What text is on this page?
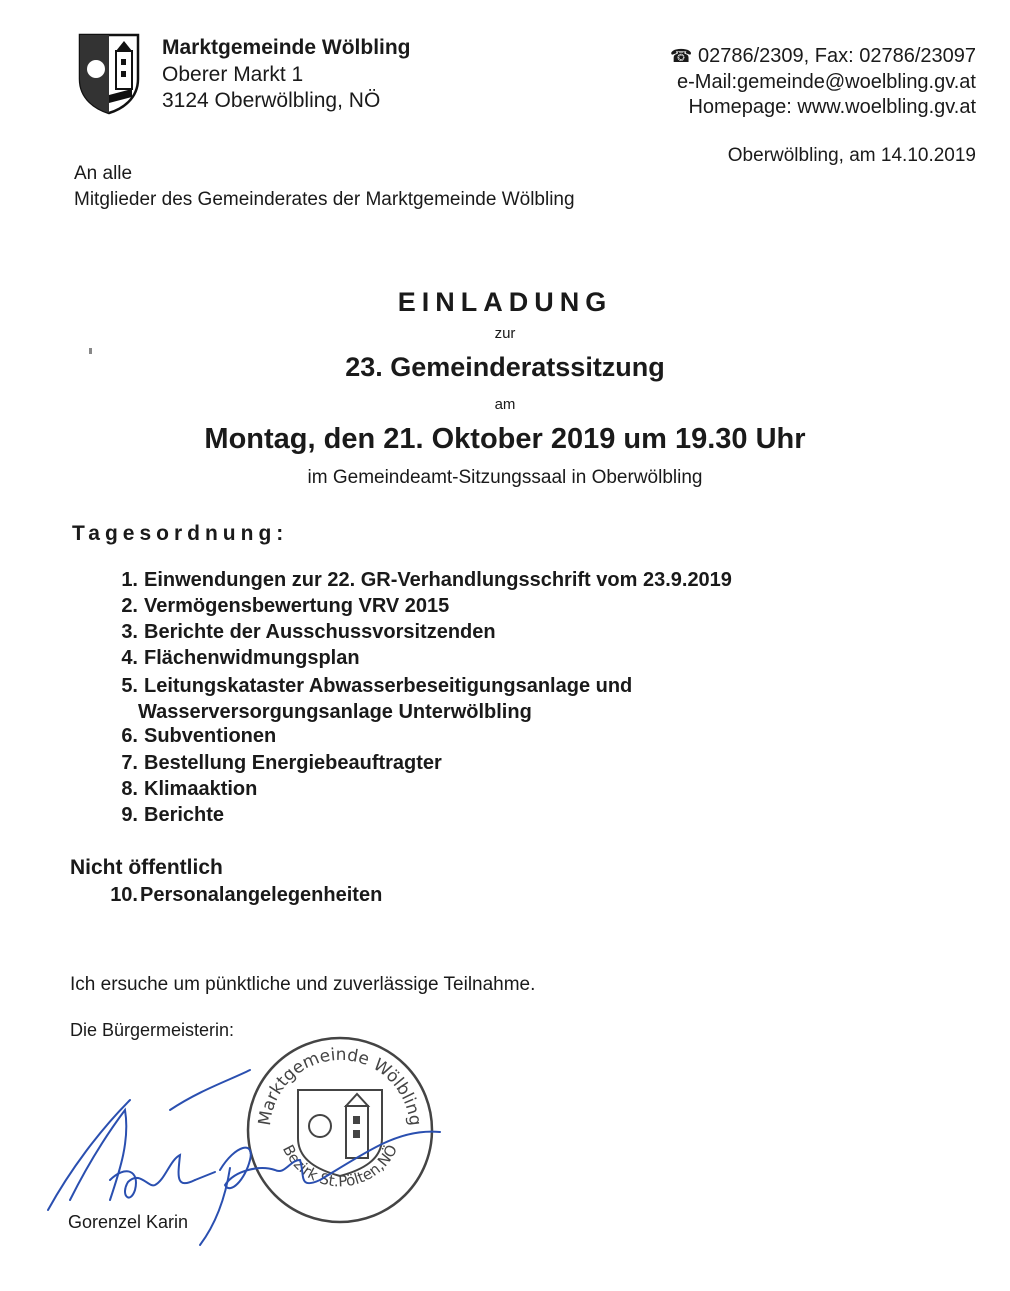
Marktgemeinde Wölbling
Oberer Markt 1
3124 Oberwölbling, NÖ
☎ 02786/2309, Fax: 02786/23097
e-Mail:gemeinde@woelbling.gv.at
Homepage: www.woelbling.gv.at
Oberwölbling, am 14.10.2019
An alle
Mitglieder des Gemeinderates der Marktgemeinde Wölbling
EINLADUNG
zur
23. Gemeinderatssitzung
am
Montag, den 21. Oktober 2019 um 19.30 Uhr
im Gemeindeamt-Sitzungssaal in Oberwölbling
Tagesordnung:
1. Einwendungen zur 22. GR-Verhandlungsschrift vom 23.9.2019
2. Vermögensbewertung VRV 2015
3. Berichte der Ausschussvorsitzenden
4. Flächenwidmungsplan
5. Leitungskataster Abwasserbeseitigungsanlage und
Wasserversorgungsanlage Unterwölbling
6. Subventionen
7. Bestellung Energiebeauftragter
8. Klimaaktion
9. Berichte
Nicht öffentlich
10. Personalangelegenheiten
Ich ersuche um pünktliche und zuverlässige Teilnahme.
Die Bürgermeisterin:
Gorenzel Karin
Marktgemeinde Wölbling
Bezirk St.Pölten,NÖ
